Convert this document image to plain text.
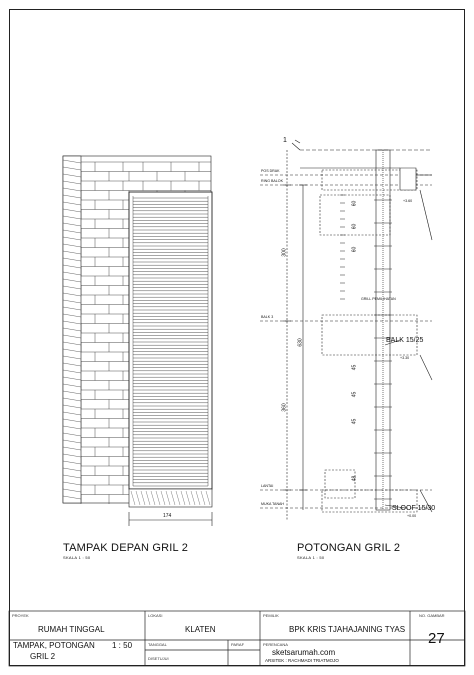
TAMPAK DEPAN GRIL 2
SKALA 1 : 50
174
POTONGAN GRIL 2
SKALA 1 : 50
1
300
630
360
60
60
60
45
45
45
48
BALK 15/25
SLOOF 15/30
GRILL PEMILIHATAN
+3.60
+3.30
+0.00
POS DRAK
RING BALOK
BALK 3
LANTAI
MUKA TANAH
PROYEK
RUMAH TINGGAL
LOKASI
KLATEN
PEMILIK
BPK KRIS TJAHAJANING TYAS
NO. GAMBAR
27
TAMPAK, POTONGAN
GRIL 2
1 : 50	TANGGAL	PARAF
DISETUJUI
PERENCANA
sketsarumah.com
ARSITEK : RACHMADI TRIATMOJO
